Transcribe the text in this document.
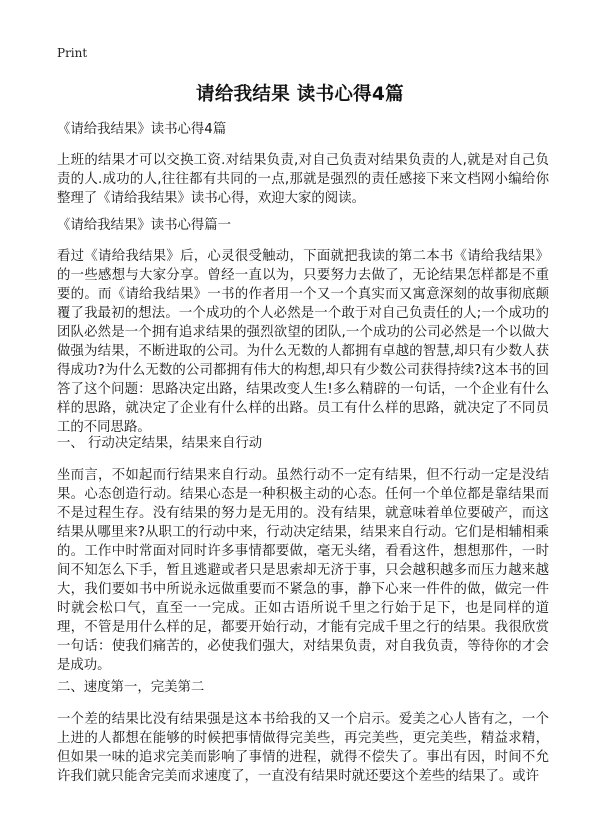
Print
请给我结果 读书心得4篇
《请给我结果》读书心得4篇
上班的结果才可以交换工资.对结果负责,对自己负责对结果负责的人,就是对自己负责的人.成功的人,往往都有共同的一点,那就是强烈的责任感接下来文档网小编给你整理了《请给我结果》读书心得，欢迎大家的阅读。
《请给我结果》读书心得篇一
看过《请给我结果》后，心灵很受触动，下面就把我读的第二本书《请给我结果》的一些感想与大家分享。曾经一直以为，只要努力去做了，无论结果怎样都是不重要的。而《请给我结果》一书的作者用一个又一个真实而又寓意深刻的故事彻底颠覆了我最初的想法。一个成功的个人必然是一个敢于对自己负责任的人;一个成功的团队必然是一个拥有追求结果的强烈欲望的团队,一个成功的公司必然是一个以做大做强为结果，不断进取的公司。为什么无数的人都拥有卓越的智慧,却只有少数人获得成功?为什么无数的公司都拥有伟大的构想,却只有少数公司获得持续?这本书的回答了这个问题：思路决定出路，结果改变人生!多么精辟的一句话，一个企业有什么样的思路，就决定了企业有什么样的出路。员工有什么样的思路，就决定了不同员工的不同思路。
一、 行动决定结果，结果来自行动
坐而言，不如起而行结果来自行动。虽然行动不一定有结果，但不行动一定是没结果。心态创造行动。结果心态是一种积极主动的心态。任何一个单位都是靠结果而不是过程生存。没有结果的努力是无用的。没有结果，就意味着单位要破产，而这结果从哪里来?从职工的行动中来，行动决定结果，结果来自行动。它们是相辅相乘的。工作中时常面对同时许多事情都要做，毫无头绪，看看这件，想想那件，一时间不知怎么下手，暂且逃避或者只是思索却无济于事，只会越积越多而压力越来越大，我们要如书中所说永远做重要而不紧急的事，静下心来一件件的做，做完一件时就会松口气，直至一一完成。正如古语所说千里之行始于足下，也是同样的道理，不管是用什么样的足，都要开始行动，才能有完成千里之行的结果。我很欣赏一句话：使我们痛苦的，必使我们强大，对结果负责，对自我负责，等待你的才会是成功。
二、速度第一，完美第二
一个差的结果比没有结果强是这本书给我的又一个启示。爱美之心人皆有之，一个上进的人都想在能够的时候把事情做得完美些，再完美些，更完美些，精益求精，但如果一味的追求完美而影响了事情的进程，就得不偿失了。事出有因，时间不允许我们就只能舍完美而求速度了，一直没有结果时就还要这个差些的结果了。或许
